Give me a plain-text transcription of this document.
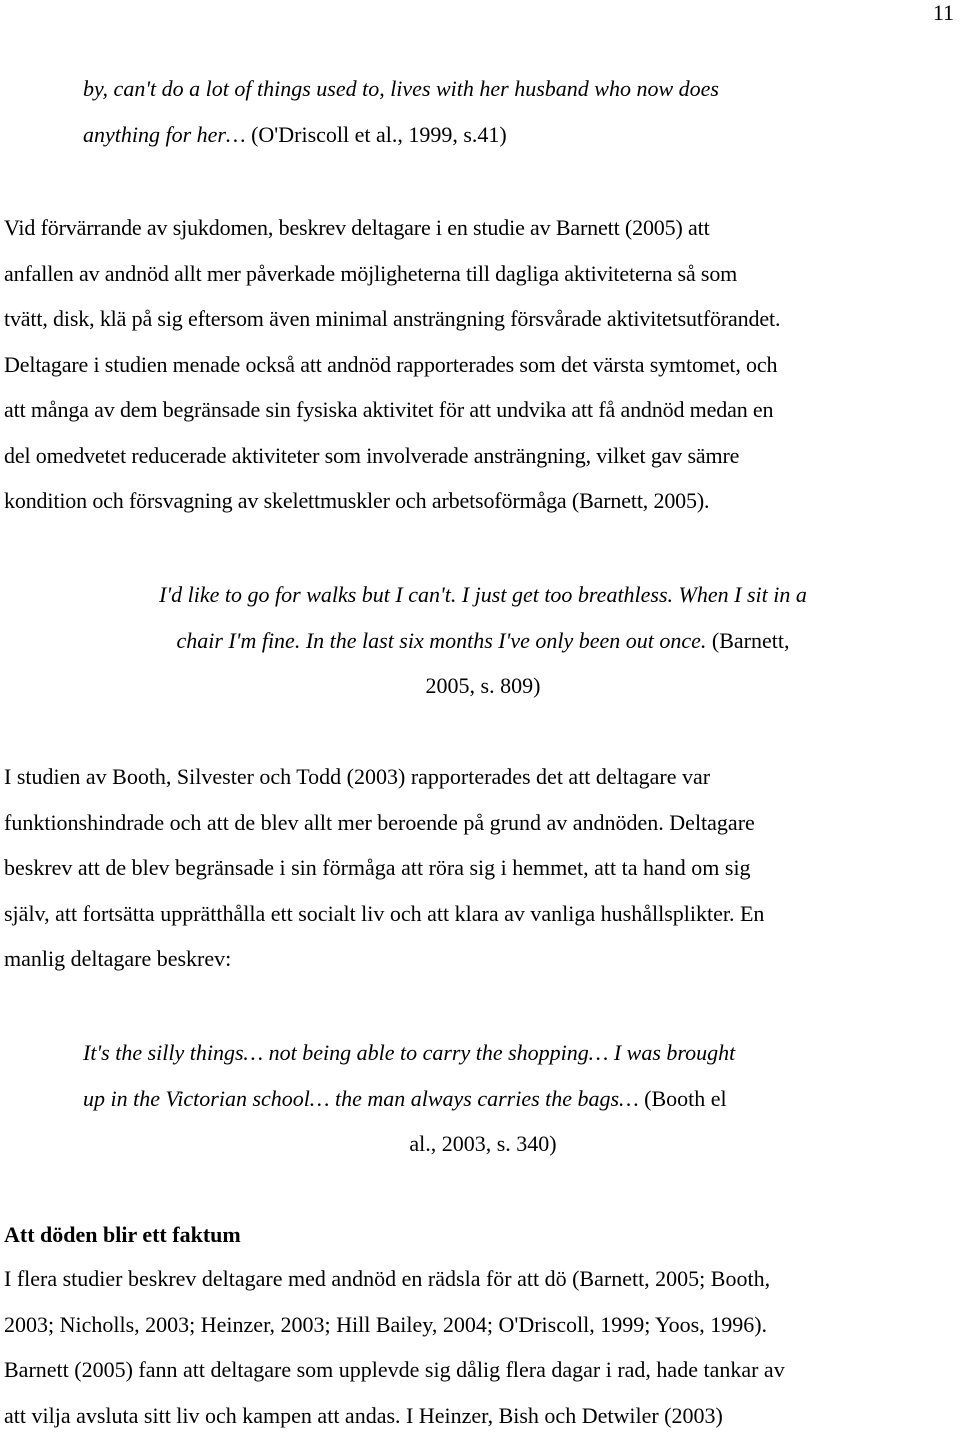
11
by, can't do a lot of things used to, lives with her husband who now does
anything for her… (O'Driscoll et al., 1999, s.41)
Vid förvärrande av sjukdomen, beskrev deltagare i en studie av Barnett (2005) att
anfallen av andnöd allt mer påverkade möjligheterna till dagliga aktiviteterna så som
tvätt, disk, klä på sig eftersom även minimal ansträngning försvårade aktivitetsutförandet.
Deltagare i studien menade också att andnöd rapporterades som det värsta symtomet, och
att många av dem begränsade sin fysiska aktivitet för att undvika att få andnöd medan en
del omedvetet reducerade aktiviteter som involverade ansträngning, vilket gav sämre
kondition och försvagning av skelettmuskler och arbetsoförmåga (Barnett, 2005).
I'd like to go for walks but I can't. I just get too breathless. When I sit in a
chair I'm fine. In the last six months I've only been out once. (Barnett,
2005, s. 809)
I studien av Booth, Silvester och Todd (2003) rapporterades det att deltagare var
funktionshindrade och att de blev allt mer beroende på grund av andnöden. Deltagare
beskrev att de blev begränsade i sin förmåga att röra sig i hemmet, att ta hand om sig
själv, att fortsätta upprätthålla ett socialt liv och att klara av vanliga hushållsplikter. En
manlig deltagare beskrev:
It's the silly things… not being able to carry the shopping… I was brought
up in the Victorian school… the man always carries the bags… (Booth el
al., 2003, s. 340)
Att döden blir ett faktum
I flera studier beskrev deltagare med andnöd en rädsla för att dö (Barnett, 2005; Booth,
2003; Nicholls, 2003; Heinzer, 2003; Hill Bailey, 2004; O'Driscoll, 1999; Yoos, 1996).
Barnett (2005) fann att deltagare som upplevde sig dålig flera dagar i rad, hade tankar av
att vilja avsluta sitt liv och kampen att andas. I Heinzer, Bish och Detwiler (2003)
